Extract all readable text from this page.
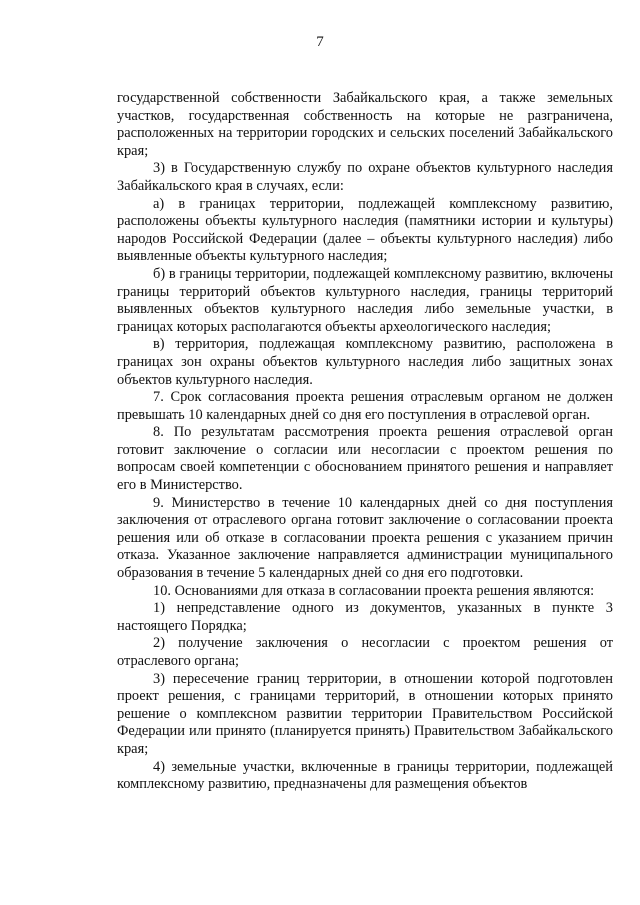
7

государственной собственности Забайкальского края, а также земельных участков, государственная собственность на которые не разграничена, расположенных на территории городских и сельских поселений Забайкальского края;

3) в Государственную службу по охране объектов культурного наследия Забайкальского края в случаях, если:

а) в границах территории, подлежащей комплексному развитию, расположены объекты культурного наследия (памятники истории и культуры) народов Российской Федерации (далее – объекты культурного наследия) либо выявленные объекты культурного наследия;

б) в границы территории, подлежащей комплексному развитию, включены границы территорий объектов культурного наследия, границы территорий выявленных объектов культурного наследия либо земельные участки, в границах которых располагаются объекты археологического наследия;

в) территория, подлежащая комплексному развитию, расположена в границах зон охраны объектов культурного наследия либо защитных зонах объектов культурного наследия.

7. Срок согласования проекта решения отраслевым органом не должен превышать 10 календарных дней со дня его поступления в отраслевой орган.

8. По результатам рассмотрения проекта решения отраслевой орган готовит заключение о согласии или несогласии с проектом решения по вопросам своей компетенции с обоснованием принятого решения и направляет его в Министерство.

9. Министерство в течение 10 календарных дней со дня поступления заключения от отраслевого органа готовит заключение о согласовании проекта решения или об отказе в согласовании проекта решения с указанием причин отказа. Указанное заключение направляется администрации муниципального образования в течение 5 календарных дней со дня его подготовки.

10. Основаниями для отказа в согласовании проекта решения являются:

1) непредставление одного из документов, указанных в пункте 3 настоящего Порядка;

2) получение заключения о несогласии с проектом решения от отраслевого органа;

3) пересечение границ территории, в отношении которой подготовлен проект решения, с границами территорий, в отношении которых принято решение о комплексном развитии территории Правительством Российской Федерации или принято (планируется принять) Правительством Забайкальского края;

4) земельные участки, включенные в границы территории, подлежащей комплексному развитию, предназначены для размещения объектов
